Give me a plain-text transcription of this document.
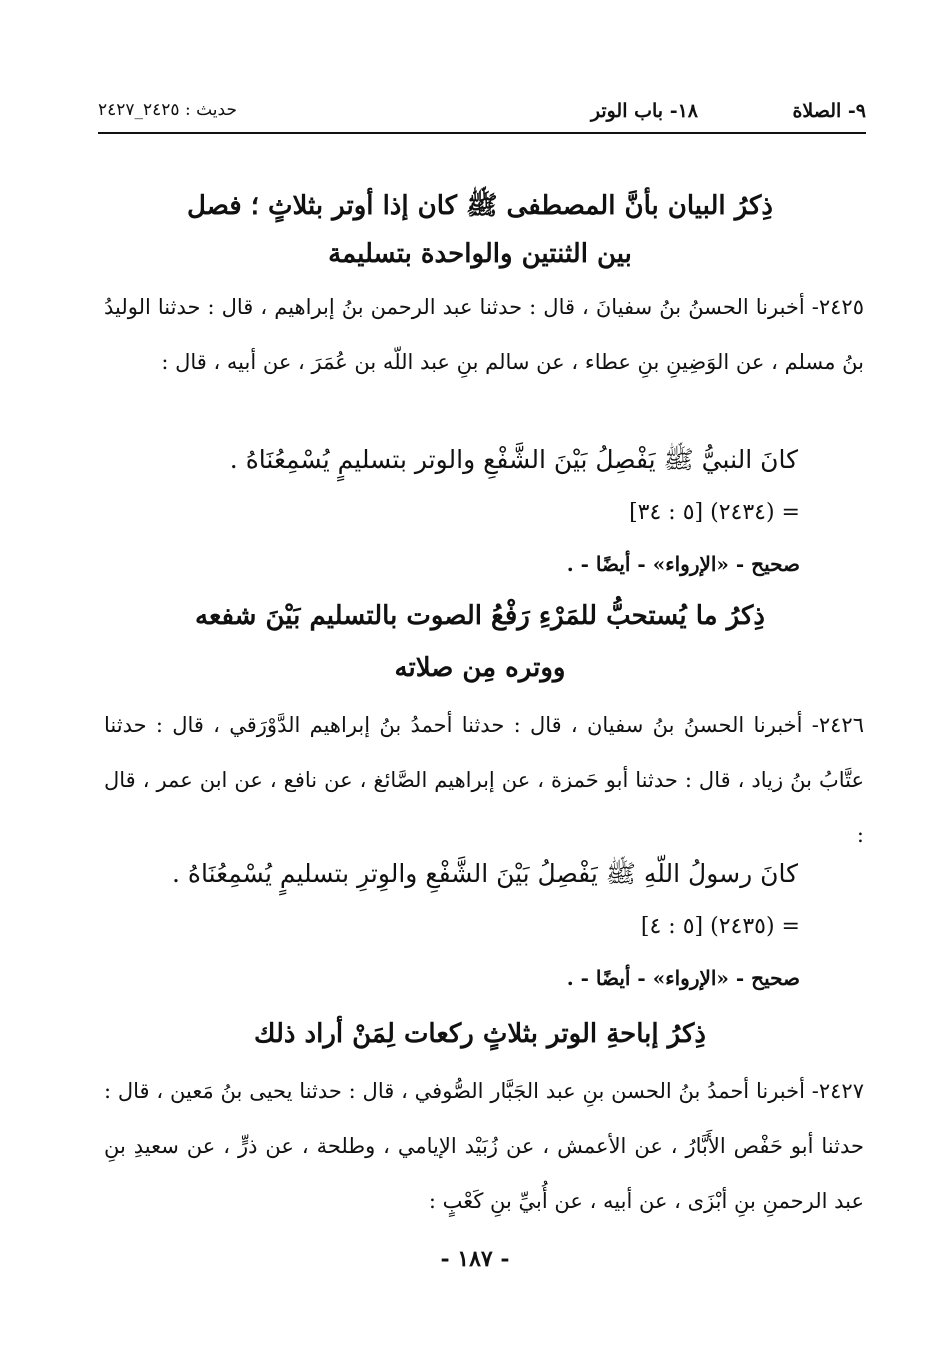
٩- الصلاة
١٨- باب الوتر
حديث : ٢٤٢٥_٢٤٢٧
ذِكرُ البيان بأنَّ المصطفى ﷺ كان إذا أوتر بثلاثٍ ؛ فصل
بين الثنتين والواحدة بتسليمة
٢٤٢٥- أخبرنا الحسنُ بنُ سفيانَ ، قال : حدثنا عبد الرحمن بنُ إبراهيم ، قال : حدثنا الوليدُ بنُ مسلم ، عن الوَضِينِ بنِ عطاء ، عن سالم بنِ عبد اللّه بن عُمَرَ ، عن أبيه ، قال :
كانَ النبيُّ ﷺ يَفْصِلُ بَيْنَ الشَّفْعِ والوتر بتسليمٍ يُسْمِعُنَاهُ .
= (٢٤٣٤) [٥ : ٣٤]
صحيح - «الإرواء» - أيضًا - .
ذِكرُ ما يُستحبُّ للمَرْءِ رَفْعُ الصوت بالتسليم بَيْنَ شفعه
ووتره مِن صلاته
٢٤٢٦- أخبرنا الحسنُ بنُ سفيان ، قال : حدثنا أحمدُ بنُ إبراهيم الدَّوْرَقي ، قال : حدثنا عتَّابُ بنُ زياد ، قال : حدثنا أبو حَمزة ، عن إبراهيم الصَّائغ ، عن نافع ، عن ابن عمر ، قال :
كانَ رسولُ اللّهِ ﷺ يَفْصِلُ بَيْنَ الشَّفْعِ والوِترِ بتسليمٍ يُسْمِعُنَاهُ .
= (٢٤٣٥) [٥ : ٤]
صحيح - «الإرواء» - أيضًا - .
ذِكرُ إباحةِ الوتر بثلاثٍ ركعات لِمَنْ أراد ذلك
٢٤٢٧- أخبرنا أحمدُ بنُ الحسن بنِ عبد الجَبَّار الصُّوفي ، قال : حدثنا يحيى بنُ مَعين ، قال : حدثنا أبو حَفْص الأَبَّارُ ، عن الأعمش ، عن زُبَيْد الإيامي ، وطلحة ، عن ذرٍّ ، عن سعيدِ بنِ عبد الرحمنِ بنِ أبْزَى ، عن أبيه ، عن أُبيِّ بنِ كَعْبٍ :
- ١٨٧ -
